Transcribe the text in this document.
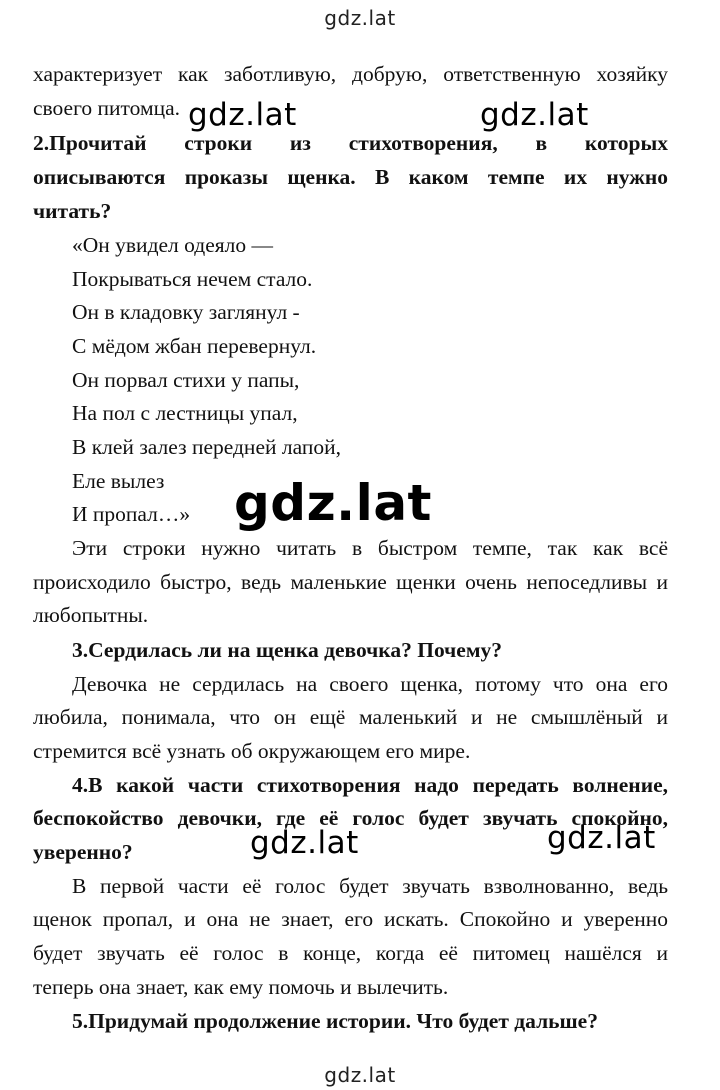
gdz.lat
характеризует как заботливую, добрую, ответственную хозяйку
своего питомца.
2.Прочитай строки из стихотворения, в которых
описываются проказы щенка. В каком темпе их нужно
читать?
«Он увидел одеяло —
Покрываться нечем стало.
Он в кладовку заглянул -
С мёдом жбан перевернул.
Он порвал стихи у папы,
На пол с лестницы упал,
В клей залез передней лапой,
Еле вылез
И пропал…»
Эти строки нужно читать в быстром темпе, так как всё
происходило быстро, ведь маленькие щенки очень непоседливы и
любопытны.
3.Сердилась ли на щенка девочка? Почему?
Девочка не сердилась на своего щенка, потому что она его
любила, понимала, что он ещё маленький и не смышлёный и
стремится всё узнать об окружающем его мире.
4.В какой части стихотворения надо передать волнение,
беспокойство девочки, где её голос будет звучать спокойно,
уверенно?
В первой части её голос будет звучать взволнованно, ведь
щенок пропал, и она не знает, его искать. Спокойно и уверенно
будет звучать её голос в конце, когда её питомец нашёлся и
теперь она знает, как ему помочь и вылечить.
5.Придумай продолжение истории. Что будет дальше?
gdz.lat	gdz.lat
gdz.lat
gdz.lat	gdz.lat
gdz.lat
